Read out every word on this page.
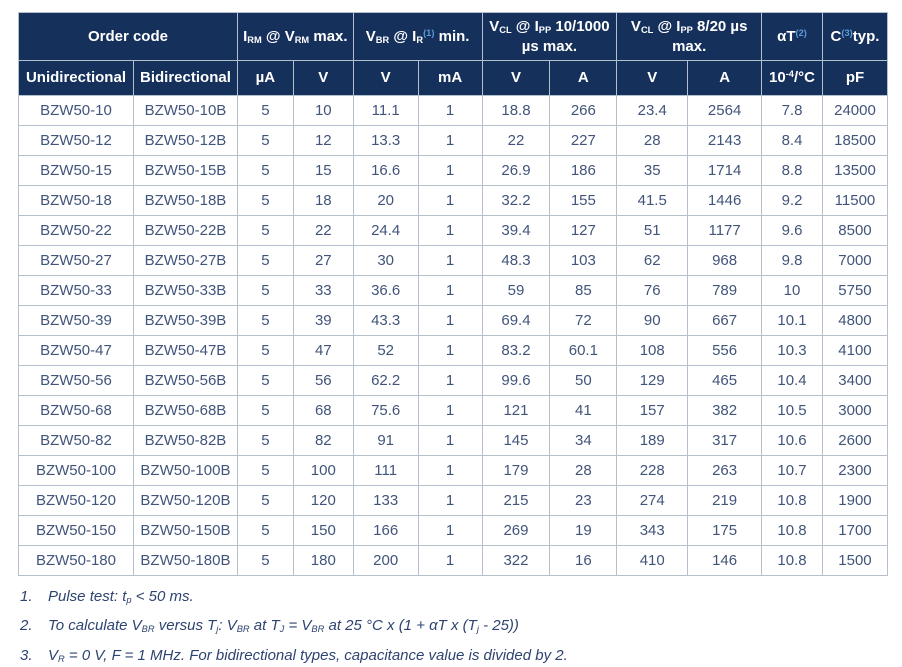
Order code		$I_{RM}$ @ $V_{RM}$ max.		$V_{BR}$ @ $I_R^{(1)}$ min.		$V_{CL}$ @ $I_{PP}$ 10/1000 µs max.		$V_{CL}$ @ $I_{PP}$ 8/20 µs max.		$\alpha T^{(2)}$	$C^{(3)}typ$.
Unidirectional	Bidirectional	µA	V	V	mA	V	A	V	A	$10^{-4}/^\circ C$	pF
BZW50-10	BZW50-10B	5	10	11.1	1	18.8	266	23.4	2564	7.8	24000
BZW50-12	BZW50-12B	5	12	13.3	1	22	227	28	2143	8.4	18500
BZW50-15	BZW50-15B	5	15	16.6	1	26.9	186	35	1714	8.8	13500
BZW50-18	BZW50-18B	5	18	20	1	32.2	155	41.5	1446	9.2	11500
BZW50-22	BZW50-22B	5	22	24.4	1	39.4	127	51	1177	9.6	8500
BZW50-27	BZW50-27B	5	27	30	1	48.3	103	62	968	9.8	7000
BZW50-33	BZW50-33B	5	33	36.6	1	59	85	76	789	10	5750
BZW50-39	BZW50-39B	5	39	43.3	1	69.4	72	90	667	10.1	4800
BZW50-47	BZW50-47B	5	47	52	1	83.2	60.1	108	556	10.3	4100
BZW50-56	BZW50-56B	5	56	62.2	1	99.6	50	129	465	10.4	3400
BZW50-68	BZW50-68B	5	68	75.6	1	121	41	157	382	10.5	3000
BZW50-82	BZW50-82B	5	82	91	1	145	34	189	317	10.6	2600
BZW50-100	BZW50-100B	5	100	111	1	179	28	228	263	10.7	2300
BZW50-120	BZW50-120B	5	120	133	1	215	23	274	219	10.8	1900
BZW50-150	BZW50-150B	5	150	166	1	269	19	343	175	10.8	1700
BZW50-180	BZW50-180B	5	180	200	1	322	16	410	146	10.8	1500
1.	Pulse test: $t_p < 50$ ms.
2.	To calculate $V_{BR}$ versus $T_j$: $V_{BR}$ at $T_J = V_{BR}$ at 25 °C x (1 + αT x $(T_j - 25)$)
3.	$V_R = 0$ V, F = 1 MHz. For bidirectional types, capacitance value is divided by 2.
